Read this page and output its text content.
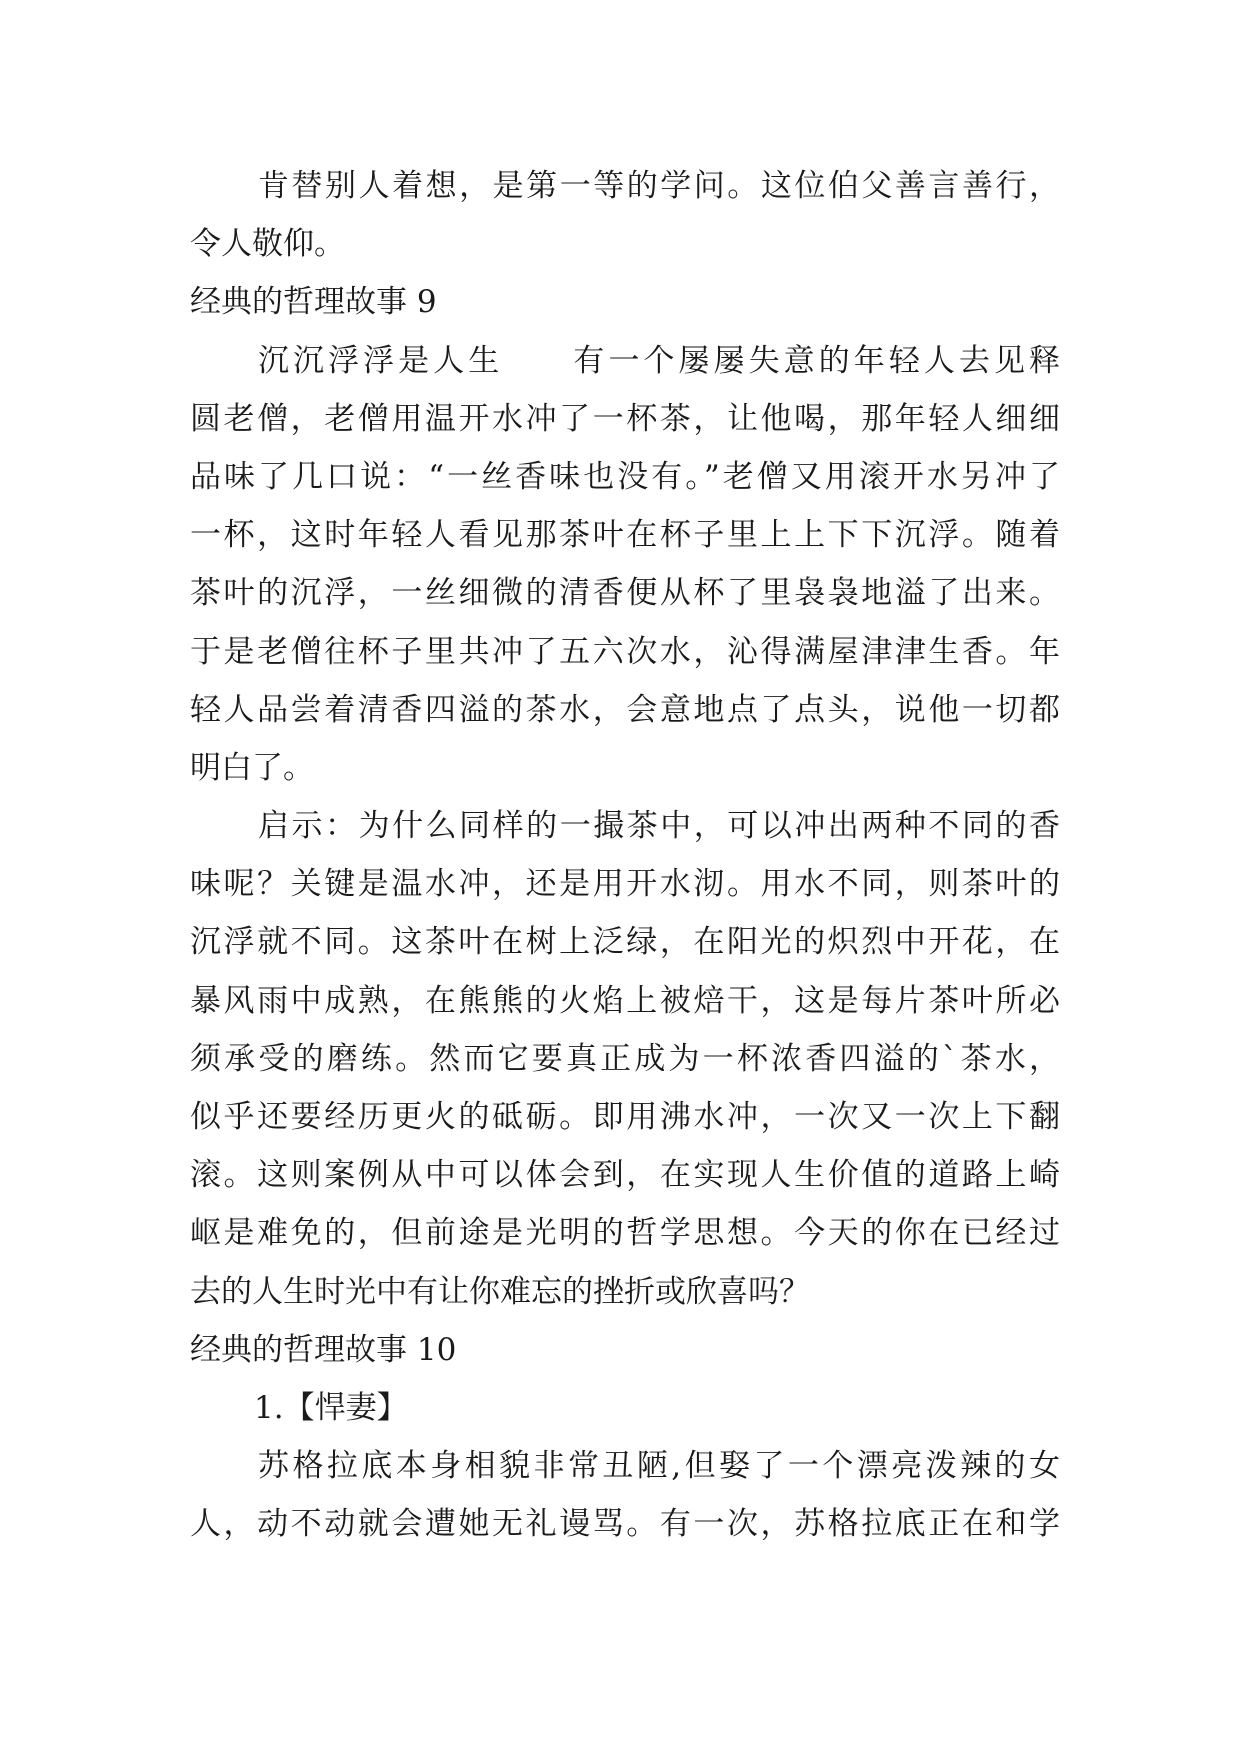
肯替别人着想，是第一等的学问。这位伯父善言善行，
令人敬仰。
经典的哲理故事 9
沉沉浮浮是人生　　有一个屡屡失意的年轻人去见释
圆老僧，老僧用温开水冲了一杯茶，让他喝，那年轻人细细
品味了几口说：“一丝香味也没有。”老僧又用滚开水另冲了
一杯，这时年轻人看见那茶叶在杯子里上上下下沉浮。随着
茶叶的沉浮，一丝细微的清香便从杯了里袅袅地溢了出来。
于是老僧往杯子里共冲了五六次水，沁得满屋津津生香。年
轻人品尝着清香四溢的茶水，会意地点了点头，说他一切都
明白了。
启示：为什么同样的一撮茶中，可以冲出两种不同的香
味呢？关键是温水冲，还是用开水沏。用水不同，则茶叶的
沉浮就不同。这茶叶在树上泛绿，在阳光的炽烈中开花，在
暴风雨中成熟，在熊熊的火焰上被焙干，这是每片茶叶所必
须承受的磨练。然而它要真正成为一杯浓香四溢的`茶水，
似乎还要经历更火的砥砺。即用沸水冲，一次又一次上下翻
滚。这则案例从中可以体会到，在实现人生价值的道路上崎
岖是难免的，但前途是光明的哲学思想。今天的你在已经过
去的人生时光中有让你难忘的挫折或欣喜吗？
经典的哲理故事 10
1.【悍妻】
苏格拉底本身相貌非常丑陋,但娶了一个漂亮泼辣的女
人，动不动就会遭她无礼谩骂。有一次，苏格拉底正在和学
